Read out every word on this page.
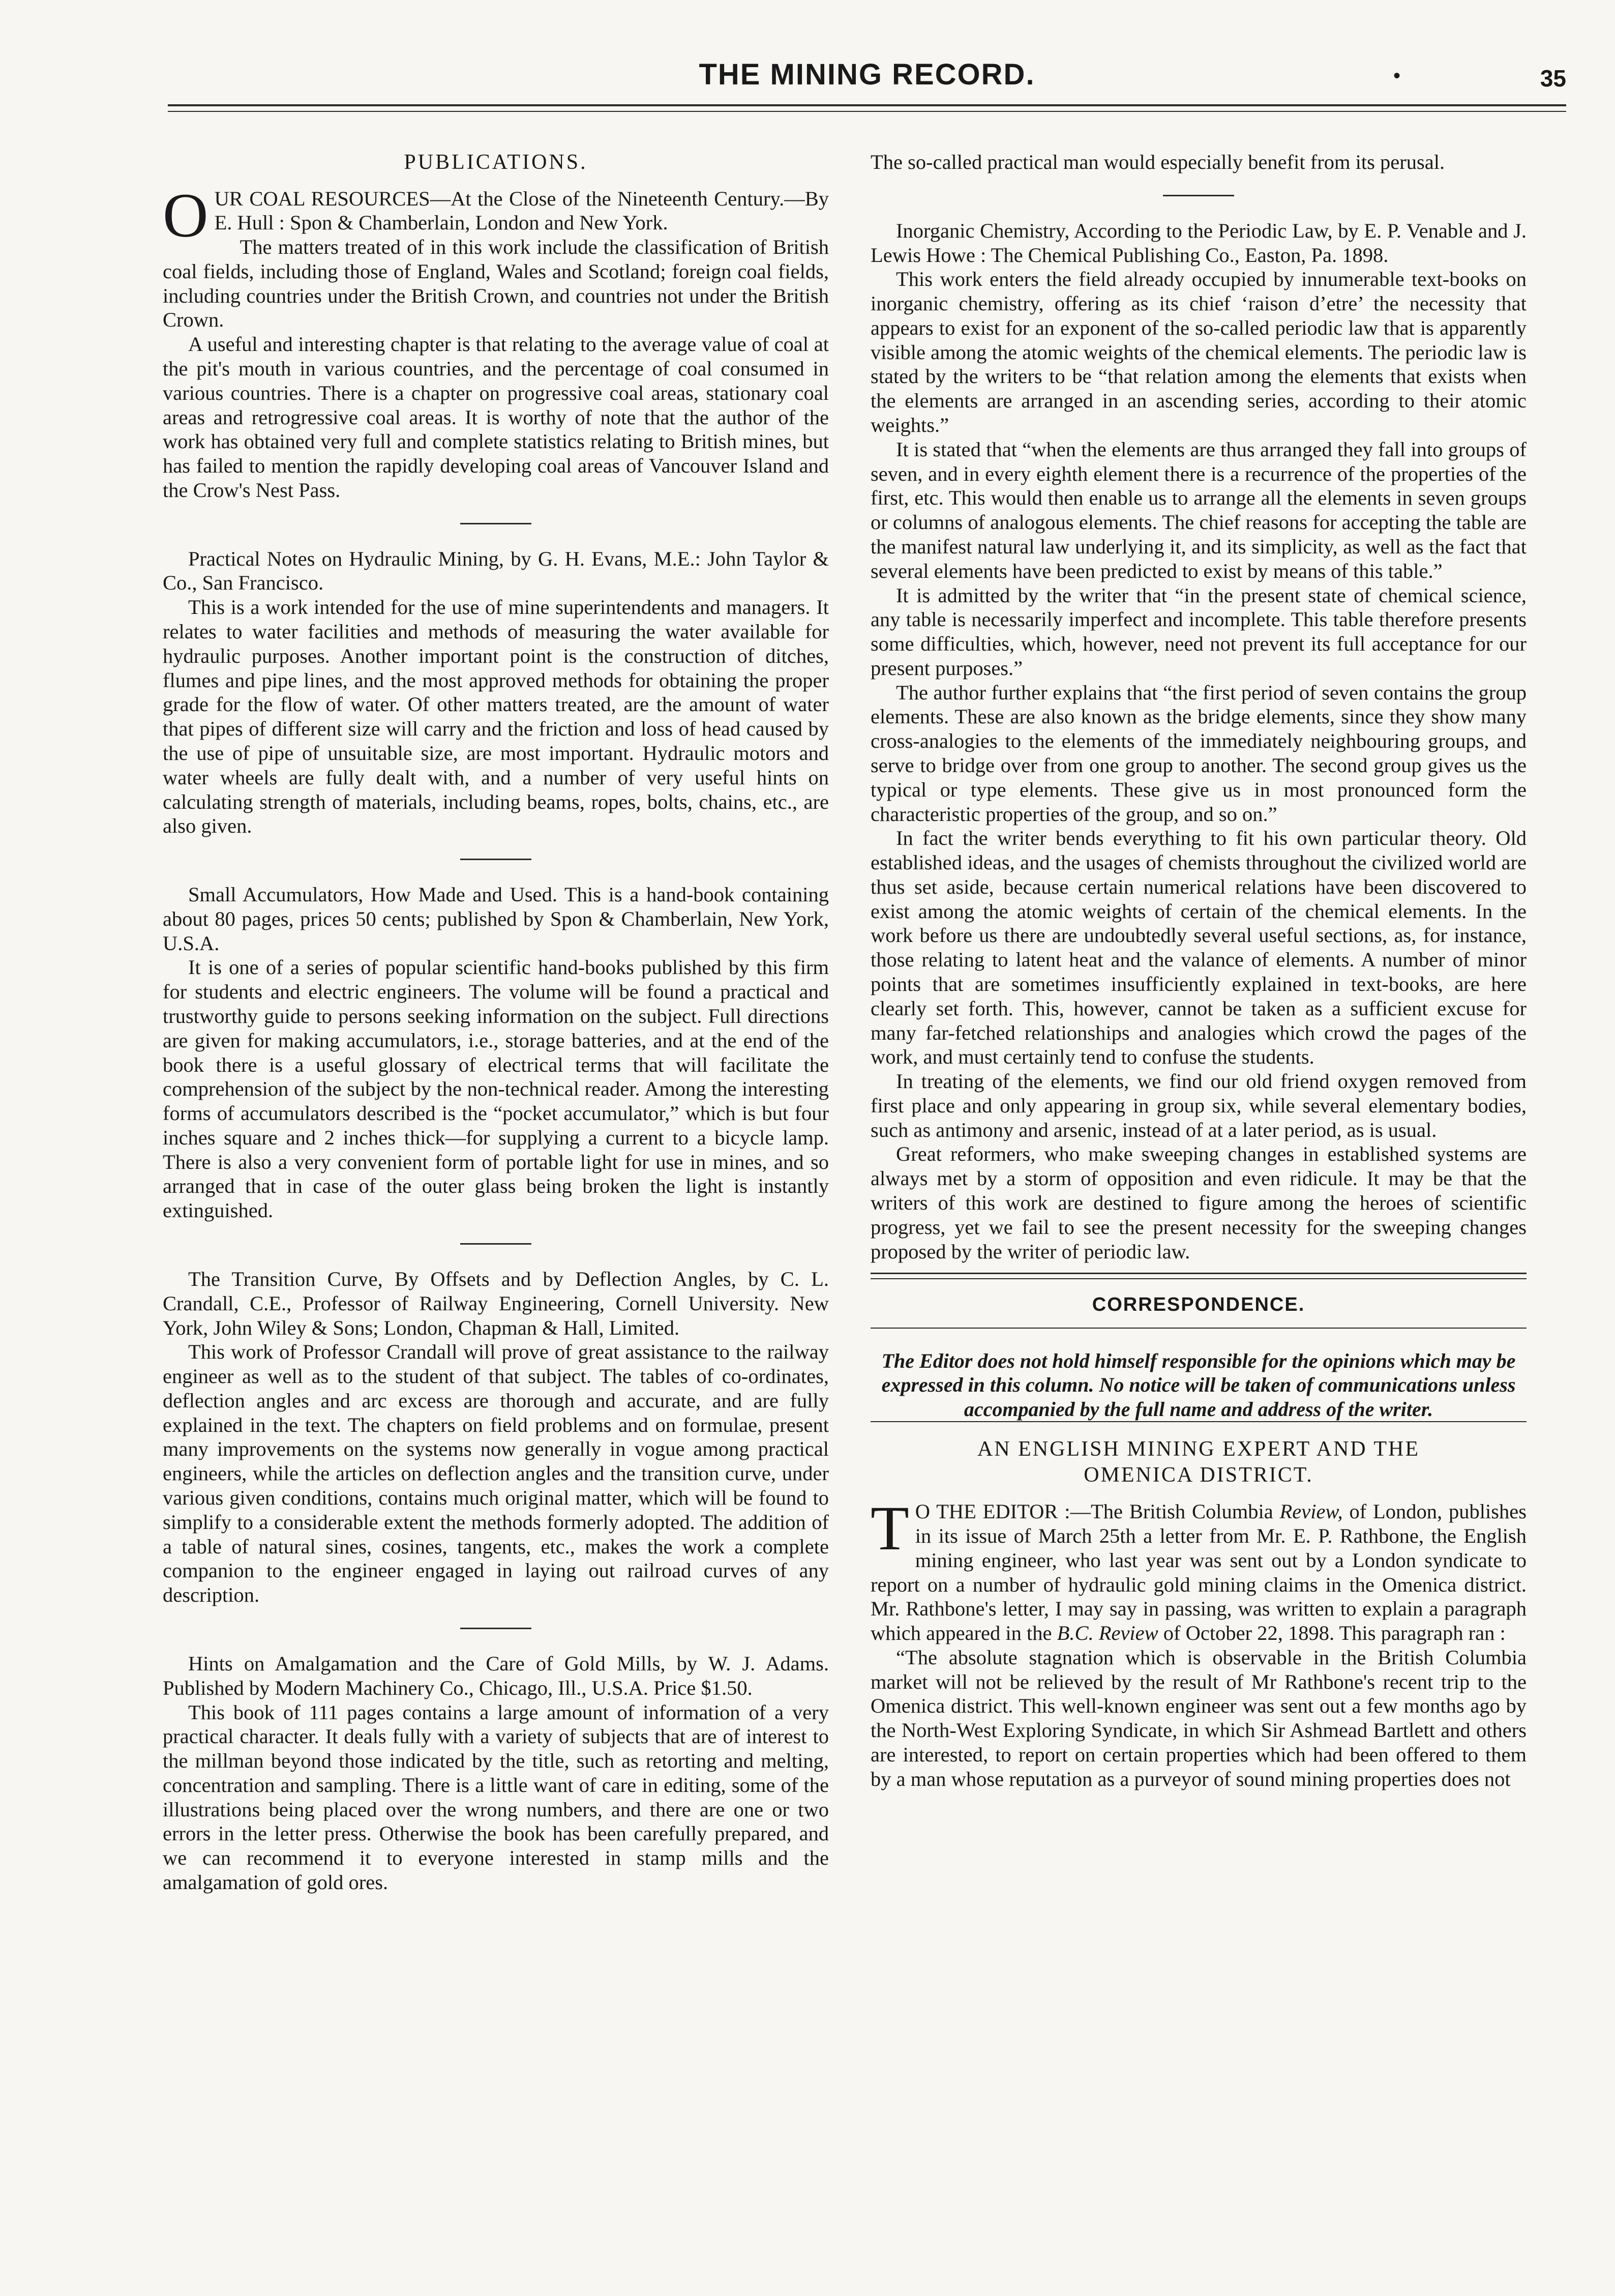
THE MINING RECORD.	•	35
PUBLICATIONS.

OUR COAL RESOURCES—At the Close of the Nineteenth Century.—By E. Hull : Spon & Chamberlain, London and New York.

The matters treated of in this work include the classification of British coal fields, including those of England, Wales and Scotland; foreign coal fields, including countries under the British Crown, and countries not under the British Crown.

A useful and interesting chapter is that relating to the average value of coal at the pit's mouth in various countries, and the percentage of coal consumed in various countries. There is a chapter on progressive coal areas, stationary coal areas and retrogressive coal areas. It is worthy of note that the author of the work has obtained very full and complete statistics relating to British mines, but has failed to mention the rapidly developing coal areas of Vancouver Island and the Crow's Nest Pass.

Practical Notes on Hydraulic Mining, by G. H. Evans, M.E.: John Taylor & Co., San Francisco.

This is a work intended for the use of mine superintendents and managers. It relates to water facilities and methods of measuring the water available for hydraulic purposes. Another important point is the construction of ditches, flumes and pipe lines, and the most approved methods for obtaining the proper grade for the flow of water. Of other matters treated, are the amount of water that pipes of different size will carry and the friction and loss of head caused by the use of pipe of unsuitable size, are most important. Hydraulic motors and water wheels are fully dealt with, and a number of very useful hints on calculating strength of materials, including beams, ropes, bolts, chains, etc., are also given.

Small Accumulators, How Made and Used. This is a hand-book containing about 80 pages, prices 50 cents; published by Spon & Chamberlain, New York, U.S.A.

It is one of a series of popular scientific hand-books published by this firm for students and electric engineers. The volume will be found a practical and trustworthy guide to persons seeking information on the subject. Full directions are given for making accumulators, i.e., storage batteries, and at the end of the book there is a useful glossary of electrical terms that will facilitate the comprehension of the subject by the non-technical reader. Among the interesting forms of accumulators described is the “pocket accumulator,” which is but four inches square and 2 inches thick—for supplying a current to a bicycle lamp. There is also a very convenient form of portable light for use in mines, and so arranged that in case of the outer glass being broken the light is instantly extinguished.

The Transition Curve, By Offsets and by Deflection Angles, by C. L. Crandall, C.E., Professor of Railway Engineering, Cornell University. New York, John Wiley & Sons; London, Chapman & Hall, Limited.

This work of Professor Crandall will prove of great assistance to the railway engineer as well as to the student of that subject. The tables of co-ordinates, deflection angles and arc excess are thorough and accurate, and are fully explained in the text. The chapters on field problems and on formulae, present many improvements on the systems now generally in vogue among practical engineers, while the articles on deflection angles and the transition curve, under various given conditions, contains much original matter, which will be found to simplify to a considerable extent the methods formerly adopted. The addition of a table of natural sines, cosines, tangents, etc., makes the work a complete companion to the engineer engaged in laying out railroad curves of any description.

Hints on Amalgamation and the Care of Gold Mills, by W. J. Adams. Published by Modern Machinery Co., Chicago, Ill., U.S.A. Price $1.50.

This book of 111 pages contains a large amount of information of a very practical character. It deals fully with a variety of subjects that are of interest to the millman beyond those indicated by the title, such as retorting and melting, concentration and sampling. There is a little want of care in editing, some of the illustrations being placed over the wrong numbers, and there are one or two errors in the letter press. Otherwise the book has been carefully prepared, and we can recommend it to everyone interested in stamp mills and the amalgamation of gold ores.

The so-called practical man would especially benefit from its perusal.

Inorganic Chemistry, According to the Periodic Law, by E. P. Venable and J. Lewis Howe : The Chemical Publishing Co., Easton, Pa. 1898.

This work enters the field already occupied by innumerable text-books on inorganic chemistry, offering as its chief ‘raison d’etre’ the necessity that appears to exist for an exponent of the so-called periodic law that is apparently visible among the atomic weights of the chemical elements. The periodic law is stated by the writers to be “that relation among the elements that exists when the elements are arranged in an ascending series, according to their atomic weights.”

It is stated that “when the elements are thus arranged they fall into groups of seven, and in every eighth element there is a recurrence of the properties of the first, etc. This would then enable us to arrange all the elements in seven groups or columns of analogous elements. The chief reasons for accepting the table are the manifest natural law underlying it, and its simplicity, as well as the fact that several elements have been predicted to exist by means of this table.”

It is admitted by the writer that “in the present state of chemical science, any table is necessarily imperfect and incomplete. This table therefore presents some difficulties, which, however, need not prevent its full acceptance for our present purposes.”

The author further explains that “the first period of seven contains the group elements. These are also known as the bridge elements, since they show many cross-analogies to the elements of the immediately neighbouring groups, and serve to bridge over from one group to another. The second group gives us the typical or type elements. These give us in most pronounced form the characteristic properties of the group, and so on.”

In fact the writer bends everything to fit his own particular theory. Old established ideas, and the usages of chemists throughout the civilized world are thus set aside, because certain numerical relations have been discovered to exist among the atomic weights of certain of the chemical elements. In the work before us there are undoubtedly several useful sections, as, for instance, those relating to latent heat and the valance of elements. A number of minor points that are sometimes insufficiently explained in text-books, are here clearly set forth. This, however, cannot be taken as a sufficient excuse for many far-fetched relationships and analogies which crowd the pages of the work, and must certainly tend to confuse the students.

In treating of the elements, we find our old friend oxygen removed from first place and only appearing in group six, while several elementary bodies, such as antimony and arsenic, instead of at a later period, as is usual.

Great reformers, who make sweeping changes in established systems are always met by a storm of opposition and even ridicule. It may be that the writers of this work are destined to figure among the heroes of scientific progress, yet we fail to see the present necessity for the sweeping changes proposed by the writer of periodic law.

CORRESPONDENCE.

The Editor does not hold himself responsible for the opinions which may be expressed in this column. No notice will be taken of communications unless accompanied by the full name and address of the writer.

AN ENGLISH MINING EXPERT AND THE
OMENICA DISTRICT.

T O THE EDITOR :—The British Columbia Review, of London, publishes in its issue of March 25th a letter from Mr. E. P. Rathbone, the English mining engineer, who last year was sent out by a London syndicate to report on a number of hydraulic gold mining claims in the Omenica district. Mr. Rathbone's letter, I may say in passing, was written to explain a paragraph which appeared in the B.C. Review of October 22, 1898. This paragraph ran :

“The absolute stagnation which is observable in the British Columbia market will not be relieved by the result of Mr Rathbone's recent trip to the Omenica district. This well-known engineer was sent out a few months ago by the North-West Exploring Syndicate, in which Sir Ashmead Bartlett and others are interested, to report on certain properties which had been offered to them by a man whose reputation as a purveyor of sound mining properties does not
